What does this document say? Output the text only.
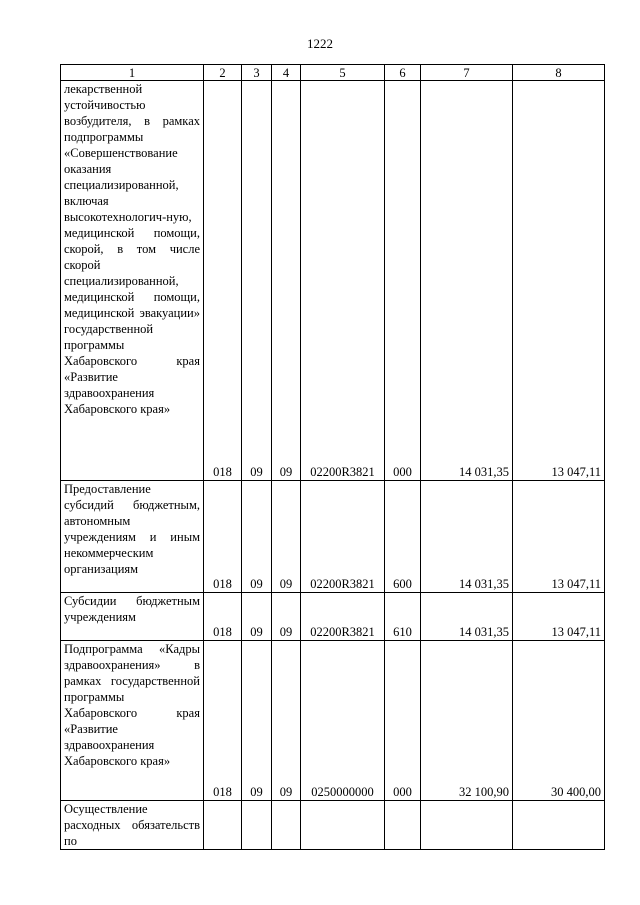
1222
1	2	3	4	5	6	7	8
лекарственной устойчивостью возбудителя, в рамках подпрограммы «Совершенствование оказания специализированной, включая высокотехнологич-ную, медицинской помощи, скорой, в том числе скорой специализированной, медицинской помощи, медицинской эвакуации» государственной программы Хабаровского края «Развитие здравоохранения Хабаровского края»	018	09	09	02200R3821	000	14 031,35	13 047,11
Предоставление субсидий бюджетным, автономным учреждениям и иным некоммерческим организациям	018	09	09	02200R3821	600	14 031,35	13 047,11
Субсидии бюджетным учреждениям	018	09	09	02200R3821	610	14 031,35	13 047,11
Подпрограмма «Кадры здравоохранения» в рамках государственной программы Хабаровского края «Развитие здравоохранения Хабаровского края»	018	09	09	0250000000	000	32 100,90	30 400,00
Осуществление расходных обязательств по							
